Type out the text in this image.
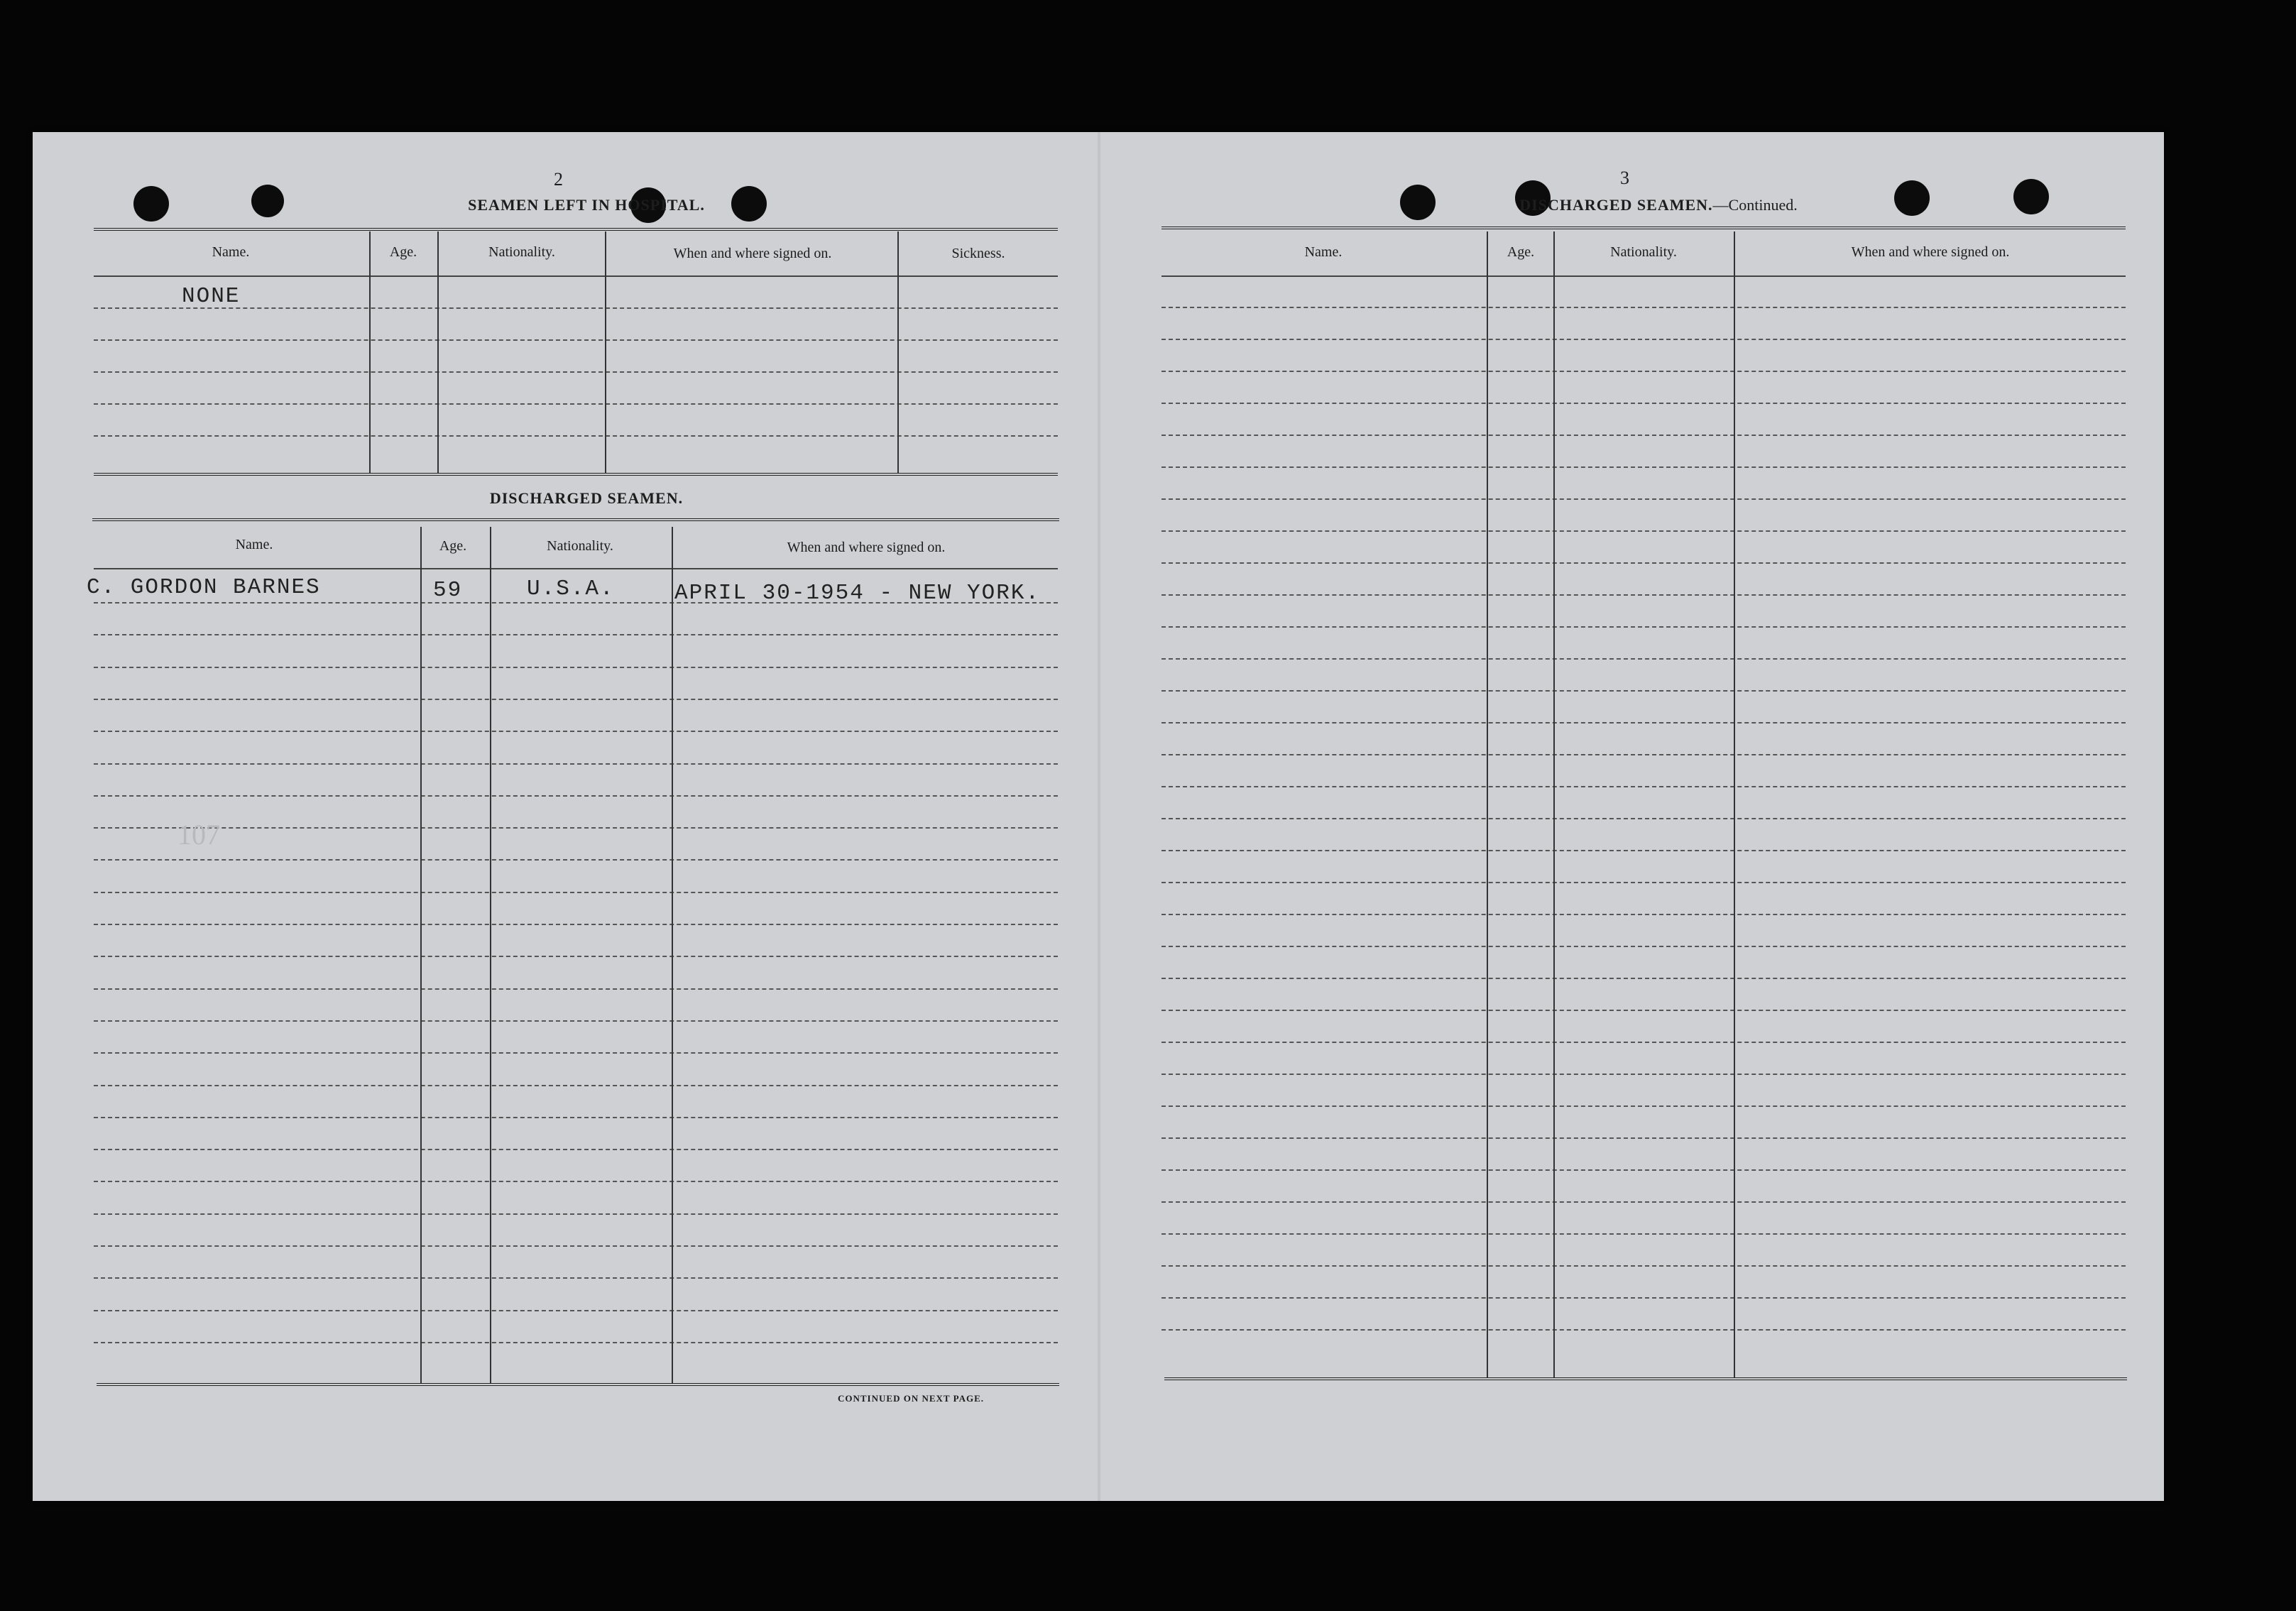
2
SEAMEN LEFT IN HOSPITAL.
Name.	Age.	Nationality.	When and where signed on.	Sickness.
NONE
DISCHARGED SEAMEN.
Name.	Age.	Nationality.	When and where signed on.
C. GORDON BARNES	59	U.S.A.	APRIL 30-1954 - NEW YORK.
107
CONTINUED ON NEXT PAGE.
3
DISCHARGED SEAMEN.—Continued.
Name.	Age.	Nationality.	When and where signed on.
